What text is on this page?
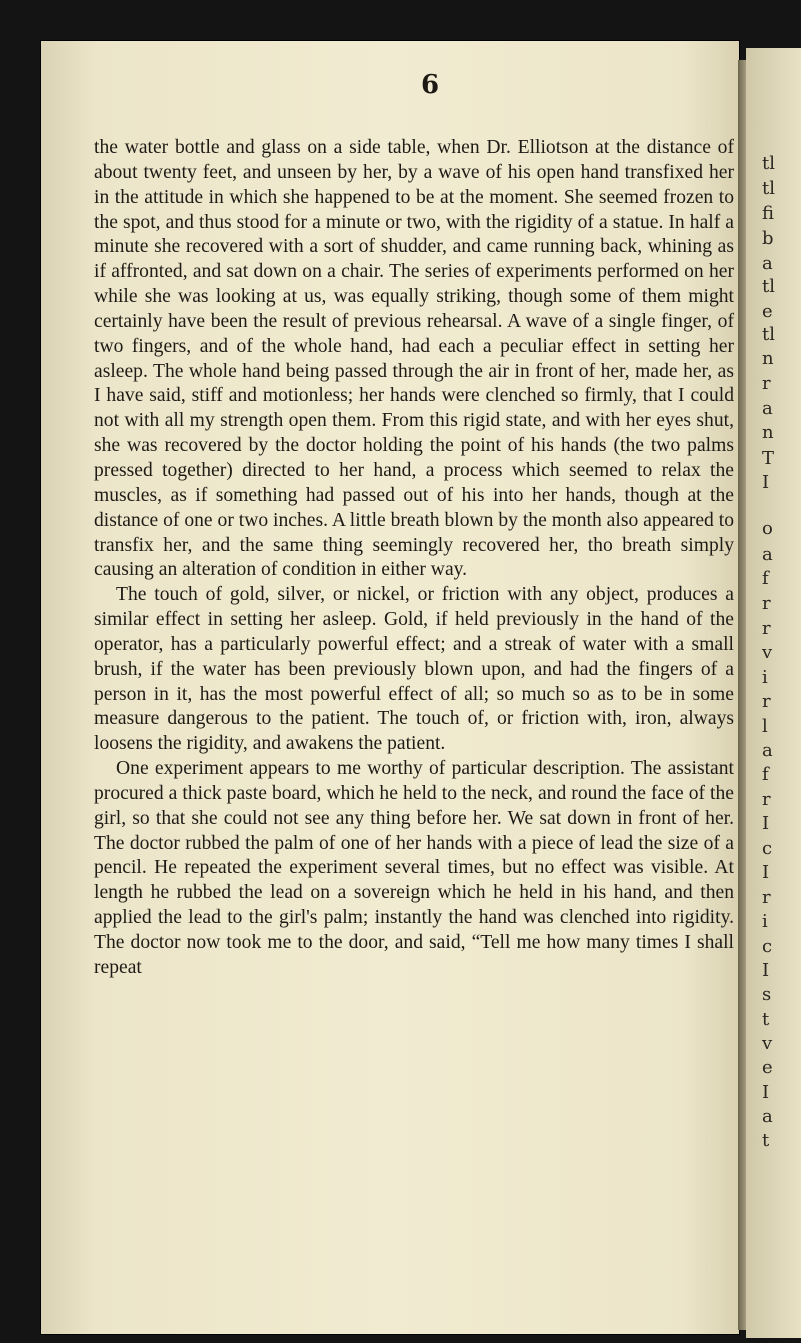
6

the water bottle and glass on a side table, when Dr. Elliotson at the distance of about twenty feet, and unseen by her, by a wave of his open hand transfixed her in the attitude in which she happened to be at the moment. She seemed frozen to the spot, and thus stood for a minute or two, with the rigidity of a statue. In half a minute she recovered with a sort of shudder, and came running back, whining as if affronted, and sat down on a chair. The series of experiments performed on her while she was looking at us, was equally striking, though some of them might certainly have been the result of previous rehearsal. A wave of a single finger, of two fingers, and of the whole hand, had each a peculiar effect in setting her asleep. The whole hand being passed through the air in front of her, made her, as I have said, stiff and motionless; her hands were clenched so firmly, that I could not with all my strength open them. From this rigid state, and with her eyes shut, she was recovered by the doctor holding the point of his hands (the two palms pressed together) directed to her hand, a process which seemed to relax the muscles, as if something had passed out of his into her hands, though at the distance of one or two inches. A little breath blown by the month also appeared to transfix her, and the same thing seemingly recovered her, tho breath simply causing an alteration of condition in either way.

The touch of gold, silver, or nickel, or friction with any object, produces a similar effect in setting her asleep. Gold, if held previously in the hand of the operator, has a particularly powerful effect; and a streak of water with a small brush, if the water has been previously blown upon, and had the fingers of a person in it, has the most powerful effect of all; so much so as to be in some measure dangerous to the patient. The touch of, or friction with, iron, always loosens the rigidity, and awakens the patient.

One experiment appears to me worthy of particular description. The assistant procured a thick paste board, which he held to the neck, and round the face of the girl, so that she could not see any thing before her. We sat down in front of her. The doctor rubbed the palm of one of her hands with a piece of lead the size of a pencil. He repeated the experiment several times, but no effect was visible. At length he rubbed the lead on a sovereign which he held in his hand, and then applied the lead to the girl's palm; instantly the hand was clenched into rigidity. The doctor now took me to the door, and said, “Tell me how many times I shall repeat

tl
tl
fi
b
a
tl
e
tl
n
r
a
n
T
I
o
a
f
r
r
v
i
r
l
a
f
r
I
c
I
r
i
c
I
s
t
v
e
I
a
t
